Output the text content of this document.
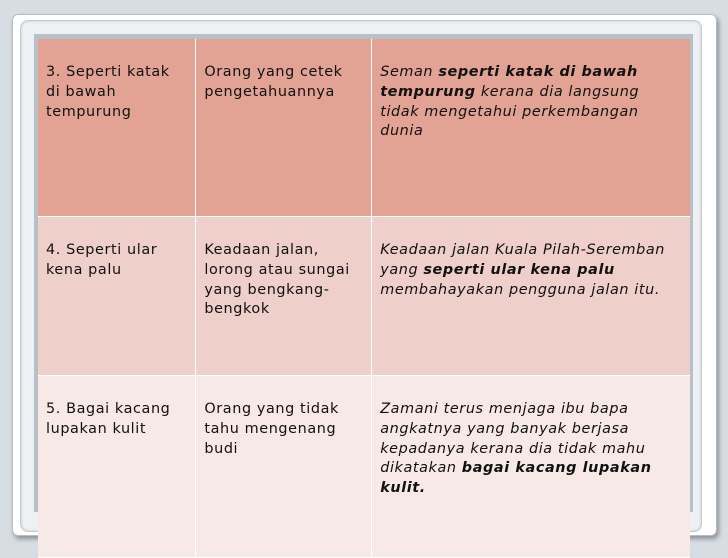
3. Seperti katak di bawah tempurung	Orang yang cetek pengetahuannya	Seman seperti katak di bawah tempurung kerana dia langsung tidak mengetahui perkembangan dunia
4. Seperti ular kena palu	Keadaan jalan, lorong atau sungai yang bengkang-bengkok	Keadaan jalan Kuala Pilah-Seremban yang seperti ular kena palu membahayakan pengguna jalan itu.
5. Bagai kacang lupakan kulit	Orang yang tidak tahu mengenang budi	Zamani terus menjaga ibu bapa angkatnya yang banyak berjasa kepadanya kerana dia tidak mahu dikatakan bagai kacang lupakan kulit.
